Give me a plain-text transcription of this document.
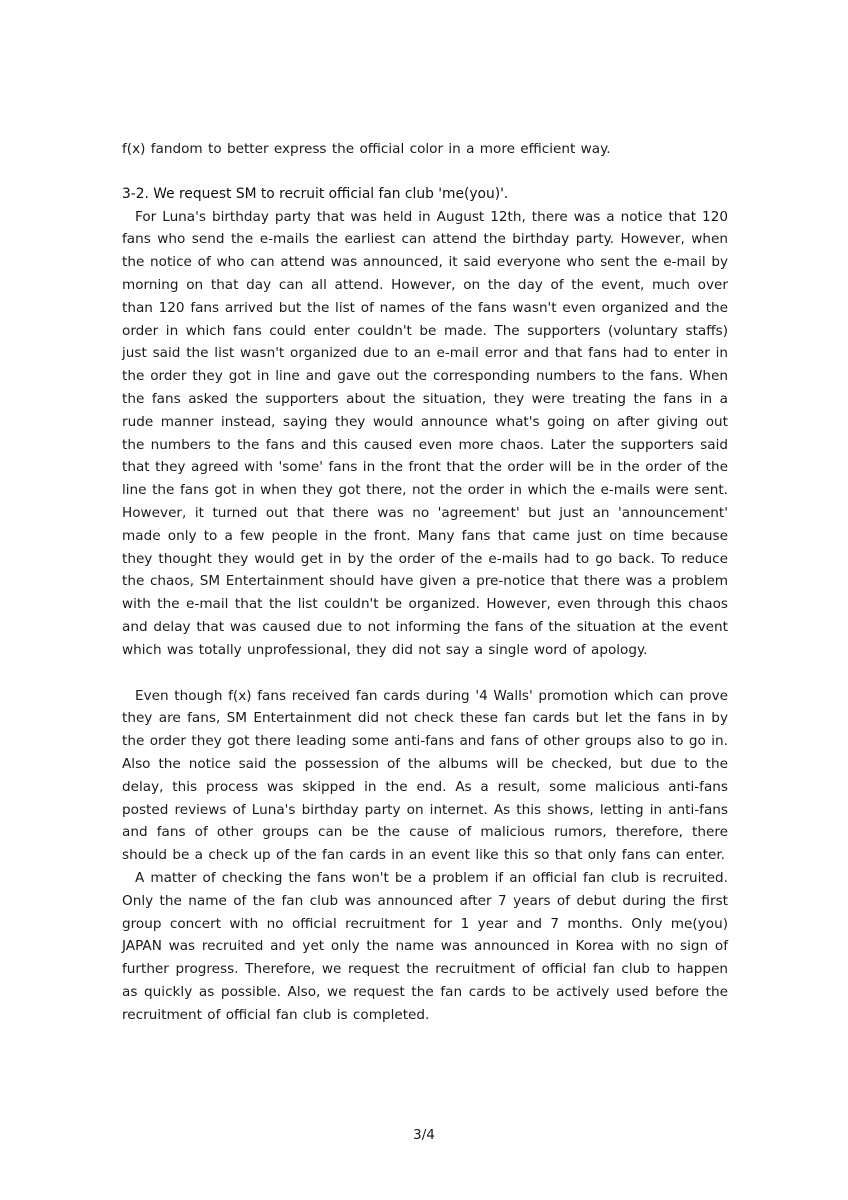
f(x) fandom to better express the official color in a more efficient way.

3-2. We request SM to recruit official fan club 'me(you)'.

For Luna's birthday party that was held in August 12th, there was a notice that 120 fans who send the e-mails the earliest can attend the birthday party. However, when the notice of who can attend was announced, it said everyone who sent the e-mail by morning on that day can all attend. However, on the day of the event, much over than 120 fans arrived but the list of names of the fans wasn't even organized and the order in which fans could enter couldn't be made. The supporters (voluntary staffs) just said the list wasn't organized due to an e-mail error and that fans had to enter in the order they got in line and gave out the corresponding numbers to the fans. When the fans asked the supporters about the situation, they were treating the fans in a rude manner instead, saying they would announce what's going on after giving out the numbers to the fans and this caused even more chaos. Later the supporters said that they agreed with 'some' fans in the front that the order will be in the order of the line the fans got in when they got there, not the order in which the e-mails were sent. However, it turned out that there was no 'agreement' but just an 'announcement' made only to a few people in the front. Many fans that came just on time because they thought they would get in by the order of the e-mails had to go back. To reduce the chaos, SM Entertainment should have given a pre-notice that there was a problem with the e-mail that the list couldn't be organized. However, even through this chaos and delay that was caused due to not informing the fans of the situation at the event which was totally unprofessional, they did not say a single word of apology.

Even though f(x) fans received fan cards during '4 Walls' promotion which can prove they are fans, SM Entertainment did not check these fan cards but let the fans in by the order they got there leading some anti-fans and fans of other groups also to go in. Also the notice said the possession of the albums will be checked, but due to the delay, this process was skipped in the end. As a result, some malicious anti-fans posted reviews of Luna's birthday party on internet. As this shows, letting in anti-fans and fans of other groups can be the cause of malicious rumors, therefore, there should be a check up of the fan cards in an event like this so that only fans can enter.

A matter of checking the fans won't be a problem if an official fan club is recruited. Only the name of the fan club was announced after 7 years of debut during the first group concert with no official recruitment for 1 year and 7 months. Only me(you) JAPAN was recruited and yet only the name was announced in Korea with no sign of further progress. Therefore, we request the recruitment of official fan club to happen as quickly as possible. Also, we request the fan cards to be actively used before the recruitment of official fan club is completed.

3/4
